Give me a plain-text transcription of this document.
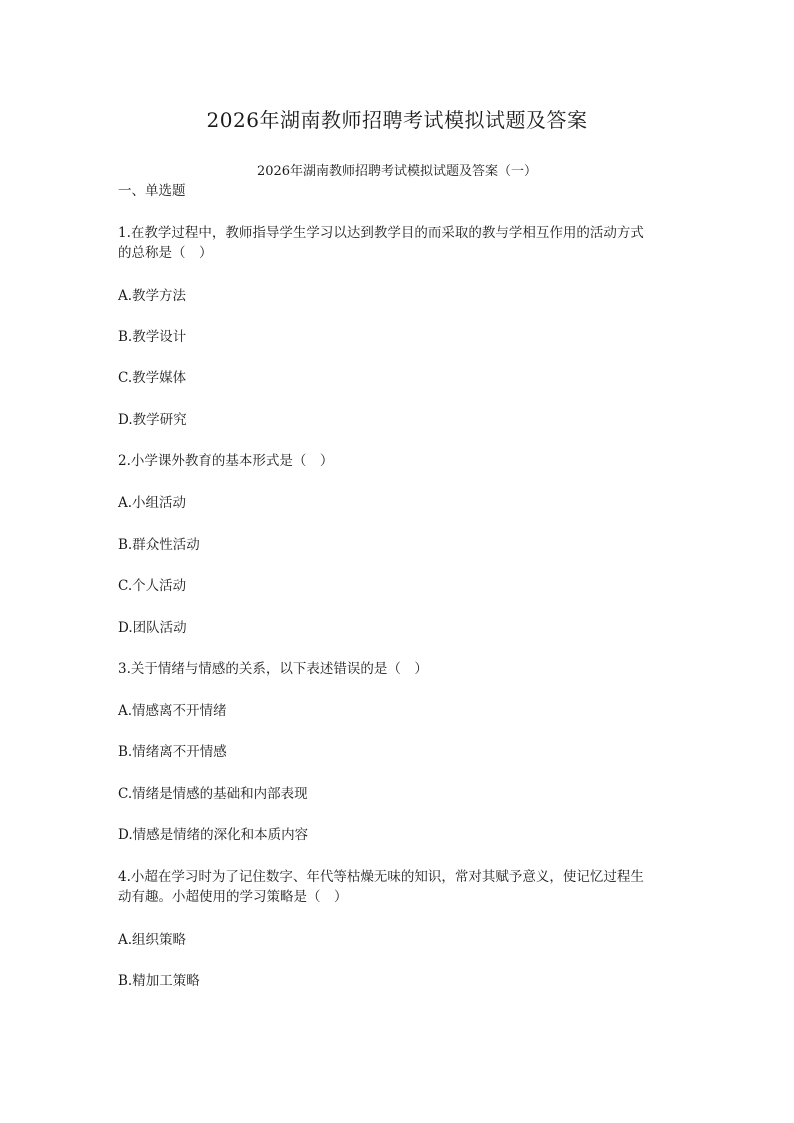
2026年湖南教师招聘考试模拟试题及答案
2026年湖南教师招聘考试模拟试题及答案（一）
一、单选题
1.在教学过程中，教师指导学生学习以达到教学目的而采取的教与学相互作用的活动方式
的总称是（　）
A.教学方法
B.教学设计
C.教学媒体
D.教学研究
2.小学课外教育的基本形式是（　）
A.小组活动
B.群众性活动
C.个人活动
D.团队活动
3.关于情绪与情感的关系，以下表述错误的是（　）
A.情感离不开情绪
B.情绪离不开情感
C.情绪是情感的基础和内部表现
D.情感是情绪的深化和本质内容
4.小超在学习时为了记住数字、年代等枯燥无味的知识，常对其赋予意义，使记忆过程生
动有趣。小超使用的学习策略是（　）
A.组织策略
B.精加工策略
